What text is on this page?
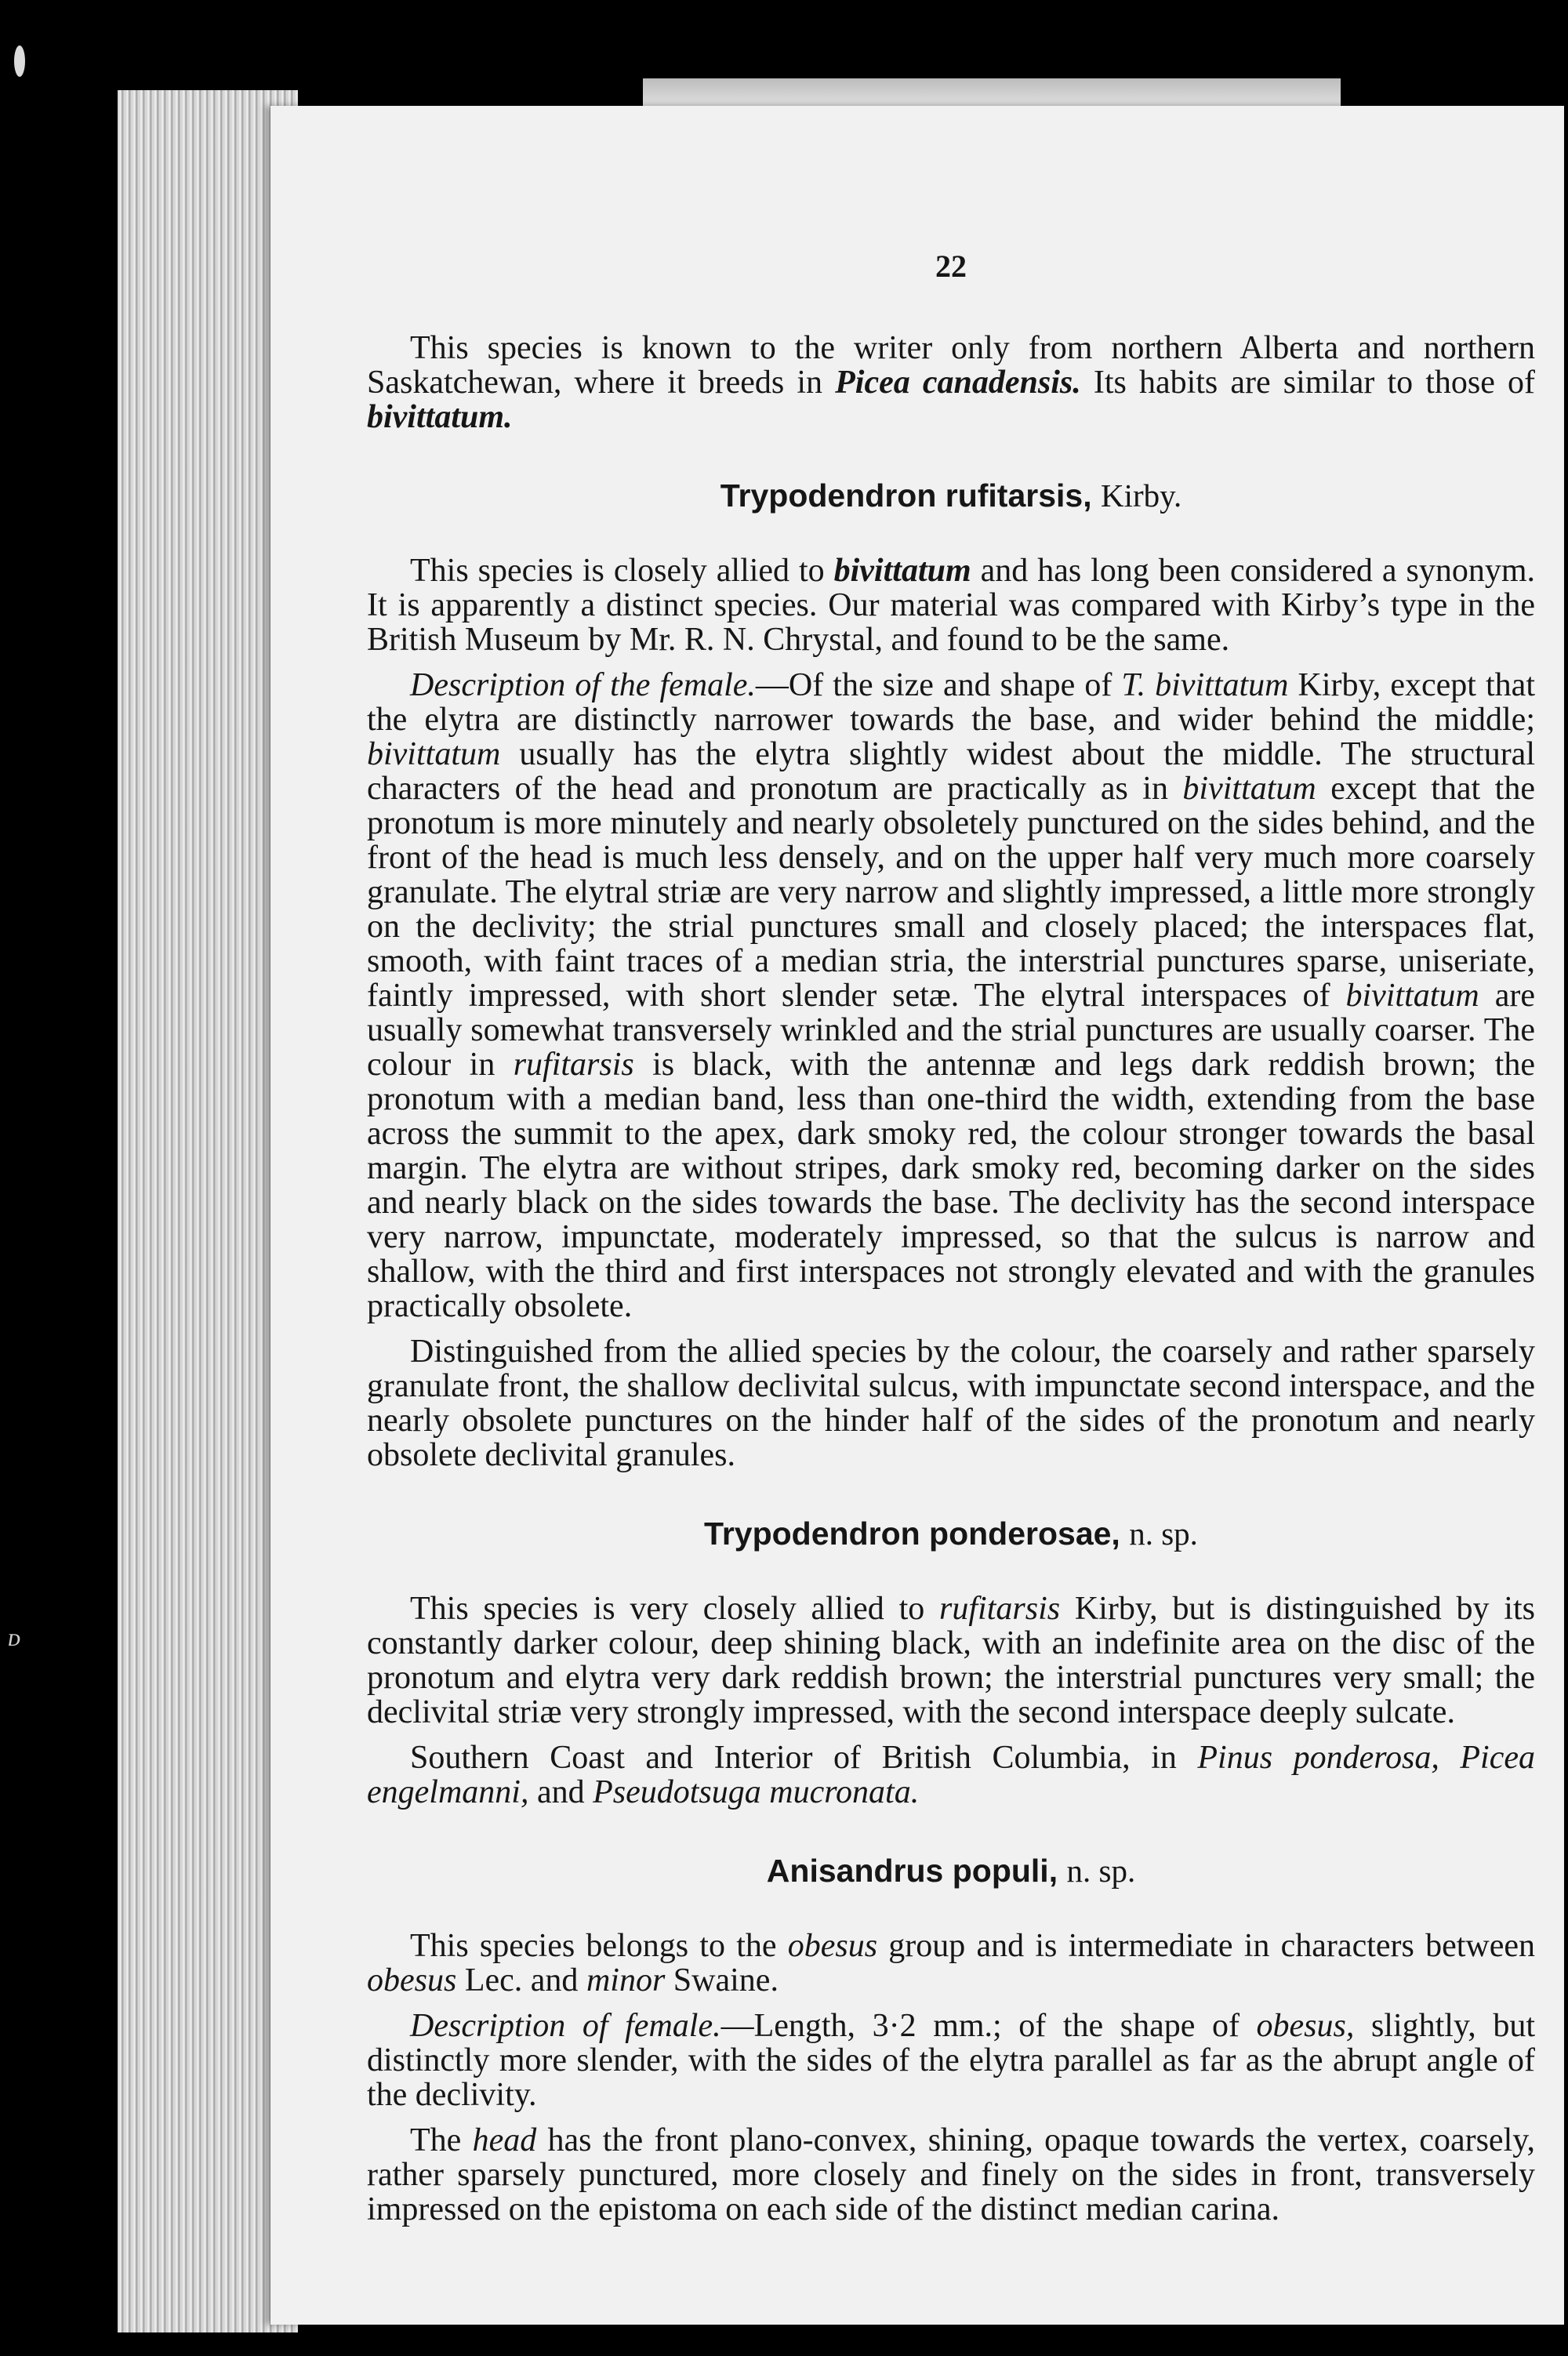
ᴅ
22

This species is known to the writer only from northern Alberta and northern Saskatchewan, where it breeds in Picea canadensis. Its habits are similar to those of bivittatum.

Trypodendron rufitarsis, Kirby.

This species is closely allied to bivittatum and has long been considered a synonym. It is apparently a distinct species. Our material was compared with Kirby’s type in the British Museum by Mr. R. N. Chrystal, and found to be the same.

Description of the female.—Of the size and shape of T. bivittatum Kirby, except that the elytra are distinctly narrower towards the base, and wider behind the middle; bivittatum usually has the elytra slightly widest about the middle. The structural characters of the head and pronotum are practically as in bivittatum except that the pronotum is more minutely and nearly obsoletely punctured on the sides behind, and the front of the head is much less densely, and on the upper half very much more coarsely granulate. The elytral striæ are very narrow and slightly impressed, a little more strongly on the declivity; the strial punctures small and closely placed; the interspaces flat, smooth, with faint traces of a median stria, the interstrial punctures sparse, uniseriate, faintly impressed, with short slender setæ. The elytral interspaces of bivittatum are usually somewhat transversely wrinkled and the strial punctures are usually coarser. The colour in rufitarsis is black, with the antennæ and legs dark reddish brown; the pronotum with a median band, less than one-third the width, extending from the base across the summit to the apex, dark smoky red, the colour stronger towards the basal margin. The elytra are without stripes, dark smoky red, becoming darker on the sides and nearly black on the sides towards the base. The declivity has the second interspace very narrow, impunctate, moderately impressed, so that the sulcus is narrow and shallow, with the third and first interspaces not strongly elevated and with the granules practically obsolete.

Distinguished from the allied species by the colour, the coarsely and rather sparsely granulate front, the shallow declivital sulcus, with impunctate second interspace, and the nearly obsolete punctures on the hinder half of the sides of the pronotum and nearly obsolete declivital granules.

Trypodendron ponderosae, n. sp.

This species is very closely allied to rufitarsis Kirby, but is distinguished by its constantly darker colour, deep shining black, with an indefinite area on the disc of the pronotum and elytra very dark reddish brown; the interstrial punctures very small; the declivital striæ very strongly impressed, with the second interspace deeply sulcate.

Southern Coast and Interior of British Columbia, in Pinus ponderosa, Picea engelmanni, and Pseudotsuga mucronata.

Anisandrus populi, n. sp.

This species belongs to the obesus group and is intermediate in characters between obesus Lec. and minor Swaine.

Description of female.—Length, 3·2 mm.; of the shape of obesus, slightly, but distinctly more slender, with the sides of the elytra parallel as far as the abrupt angle of the declivity.

The head has the front plano-convex, shining, opaque towards the vertex, coarsely, rather sparsely punctured, more closely and finely on the sides in front, transversely impressed on the epistoma on each side of the distinct median carina.
